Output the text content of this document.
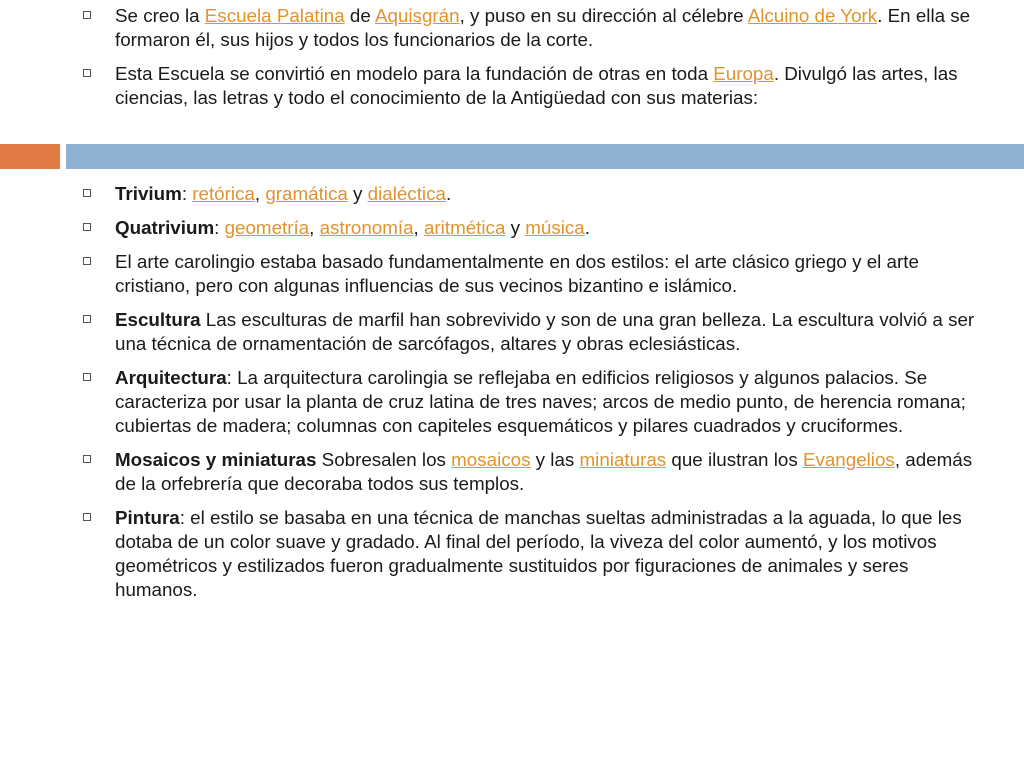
Se creo la Escuela Palatina de Aquisgrán, y puso en su dirección al célebre Alcuino de York. En ella se formaron él, sus hijos y todos los funcionarios de la corte.
Esta Escuela se convirtió en modelo para la fundación de otras en toda Europa. Divulgó las artes, las ciencias, las letras y todo el conocimiento de la Antigüedad con sus materias:
Trivium: retórica, gramática y dialéctica.
Quatrivium: geometría, astronomía, aritmética y música.
El arte carolingio estaba basado fundamentalmente en dos estilos: el arte clásico griego y el arte cristiano, pero con algunas influencias de sus vecinos bizantino e islámico.
Escultura Las esculturas de marfil han sobrevivido y son de una gran belleza. La escultura volvió a ser una técnica de ornamentación de sarcófagos, altares y obras eclesiásticas.
Arquitectura: La arquitectura carolingia se reflejaba en edificios religiosos y algunos palacios. Se caracteriza por usar la planta de cruz latina de tres naves; arcos de medio punto, de herencia romana; cubiertas de madera; columnas con capiteles esquemáticos y pilares cuadrados y cruciformes.
Mosaicos y miniaturas Sobresalen los mosaicos y las miniaturas que ilustran los Evangelios, además de la orfebrería que decoraba todos sus templos.
Pintura: el estilo se basaba en una técnica de manchas sueltas administradas a la aguada, lo que les dotaba de un color suave y gradado. Al final del período, la viveza del color aumentó, y los motivos geométricos y estilizados fueron gradualmente sustituidos por figuraciones de animales y seres humanos.
